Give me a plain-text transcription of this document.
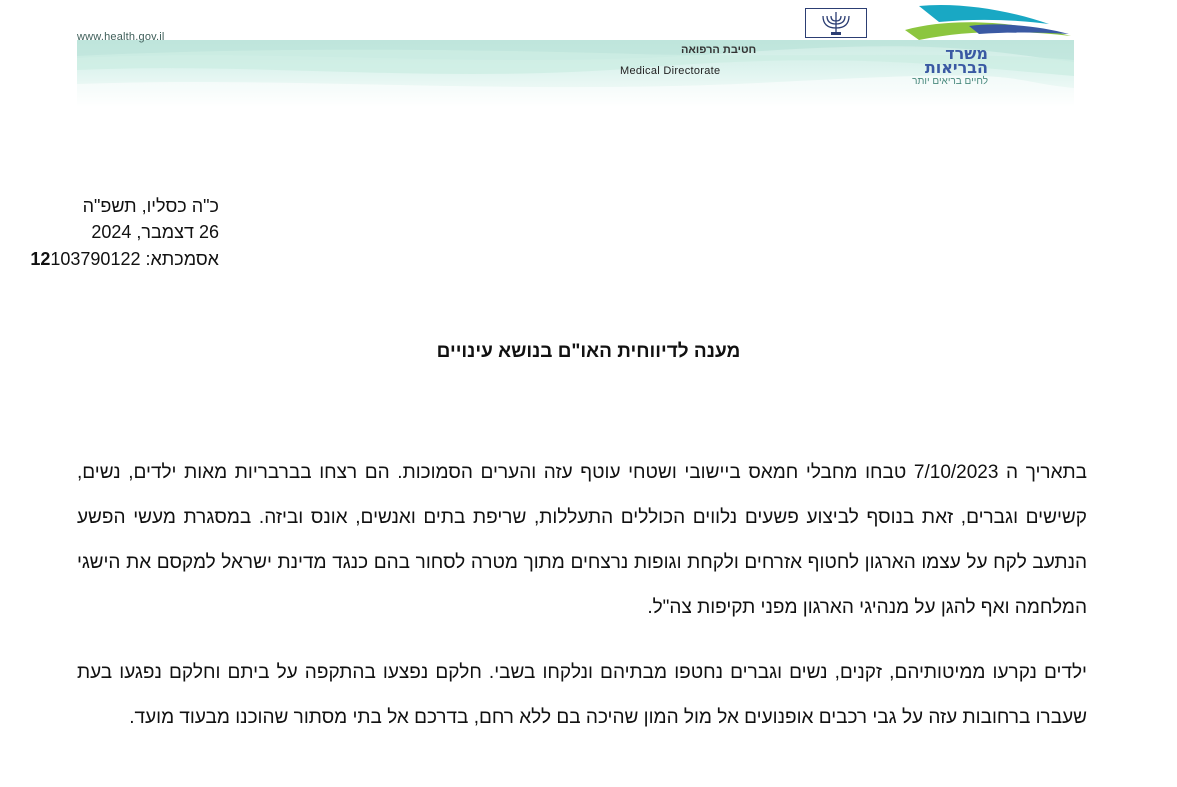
www.health.gov.il
חטיבת הרפואה
Medical Directorate
משרד
הבריאות
לחיים בריאים יותר
כ"ה כסליו, תשפ"ה
26 דצמבר, 2024
אסמכתא: 12103790122
מענה לדיווחית האו"ם בנושא עינויים
בתאריך ה 7/10/2023 טבחו מחבלי חמאס ביישובי ושטחי עוטף עזה והערים הסמוכות. הם רצחו בברבריות מאות ילדים, נשים, קשישים וגברים, זאת בנוסף לביצוע פשעים נלווים הכוללים התעללות, שריפת בתים ואנשים, אונס וביזה. במסגרת מעשי הפשע הנתעב לקח על עצמו הארגון לחטוף אזרחים ולקחת וגופות נרצחים מתוך מטרה לסחור בהם כנגד מדינת ישראל למקסם את הישגי המלחמה ואף להגן על מנהיגי הארגון מפני תקיפות צה"ל.
ילדים נקרעו ממיטותיהם, זקנים, נשים וגברים נחטפו מבתיהם ונלקחו בשבי. חלקם נפצעו בהתקפה על ביתם וחלקם נפגעו בעת שעברו ברחובות עזה על גבי רכבים אופנועים אל מול המון שהיכה בם ללא רחם, בדרכם אל בתי מסתור שהוכנו מבעוד מועד.
